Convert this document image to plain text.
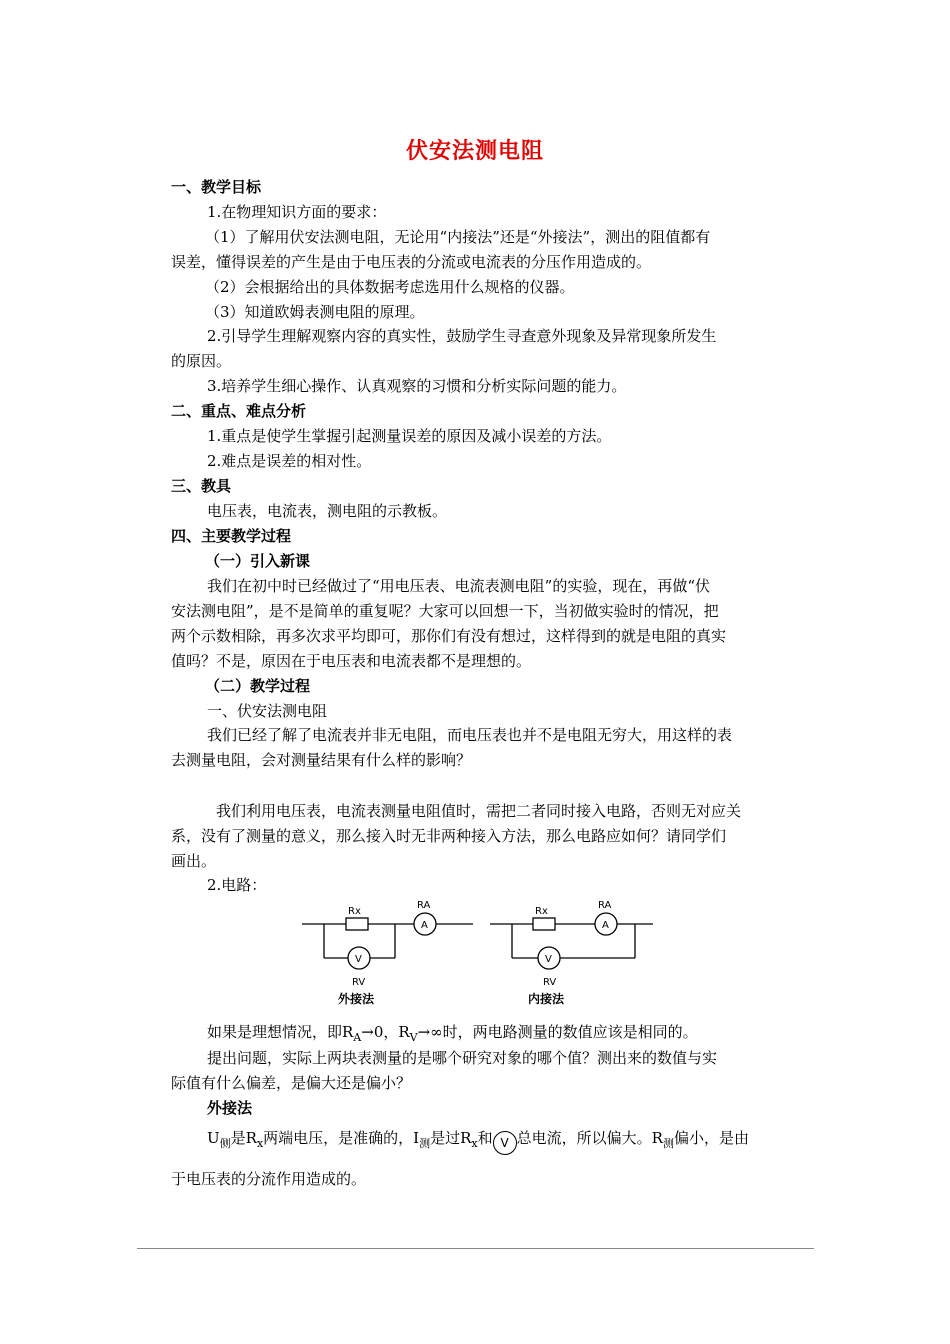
伏安法测电阻
一、教学目标
1.在物理知识方面的要求：
（1）了解用伏安法测电阻，无论用“内接法”还是“外接法”，测出的阻值都有
误差，懂得误差的产生是由于电压表的分流或电流表的分压作用造成的。
（2）会根据给出的具体数据考虑选用什么规格的仪器。
（3）知道欧姆表测电阻的原理。
2.引导学生理解观察内容的真实性，鼓励学生寻查意外现象及异常现象所发生
的原因。
3.培养学生细心操作、认真观察的习惯和分析实际问题的能力。
二、重点、难点分析
1.重点是使学生掌握引起测量误差的原因及减小误差的方法。
2.难点是误差的相对性。
三、教具
电压表，电流表，测电阻的示教板。
四、主要教学过程
（一）引入新课
我们在初中时已经做过了“用电压表、电流表测电阻”的实验，现在，再做“伏
安法测电阻”，是不是简单的重复呢？大家可以回想一下，当初做实验时的情况，把
两个示数相除，再多次求平均即可，那你们有没有想过，这样得到的就是电阻的真实
值吗？不是，原因在于电压表和电流表都不是理想的。
（二）教学过程
一、伏安法测电阻
我们已经了解了电流表并非无电阻，而电压表也并不是电阻无穷大，用这样的表
去测量电阻，会对测量结果有什么样的影响？
我们利用电压表，电流表测量电阻值时，需把二者同时接入电路，否则无对应关
系，没有了测量的意义，那么接入时无非两种接入方法，那么电路应如何？请同学们
画出。
2.电路：
Rx
RA
A
V
RV
外接法
Rx
RA
A
V
RV
内接法
如果是理想情况，即$R_A\to 0$，$R_V\to\infty$时，两电路测量的数值应该是相同的。
提出问题，实际上两块表测量的是哪个研究对象的哪个值？测出来的数值与实
际值有什么偏差，是偏大还是偏小？
外接法
$U_侧$是$R_x$两端电压，是准确的，$I_测$是过$R_x$和 V 总电流，所以偏大。$R_测$偏小，是由
于电压表的分流作用造成的。
